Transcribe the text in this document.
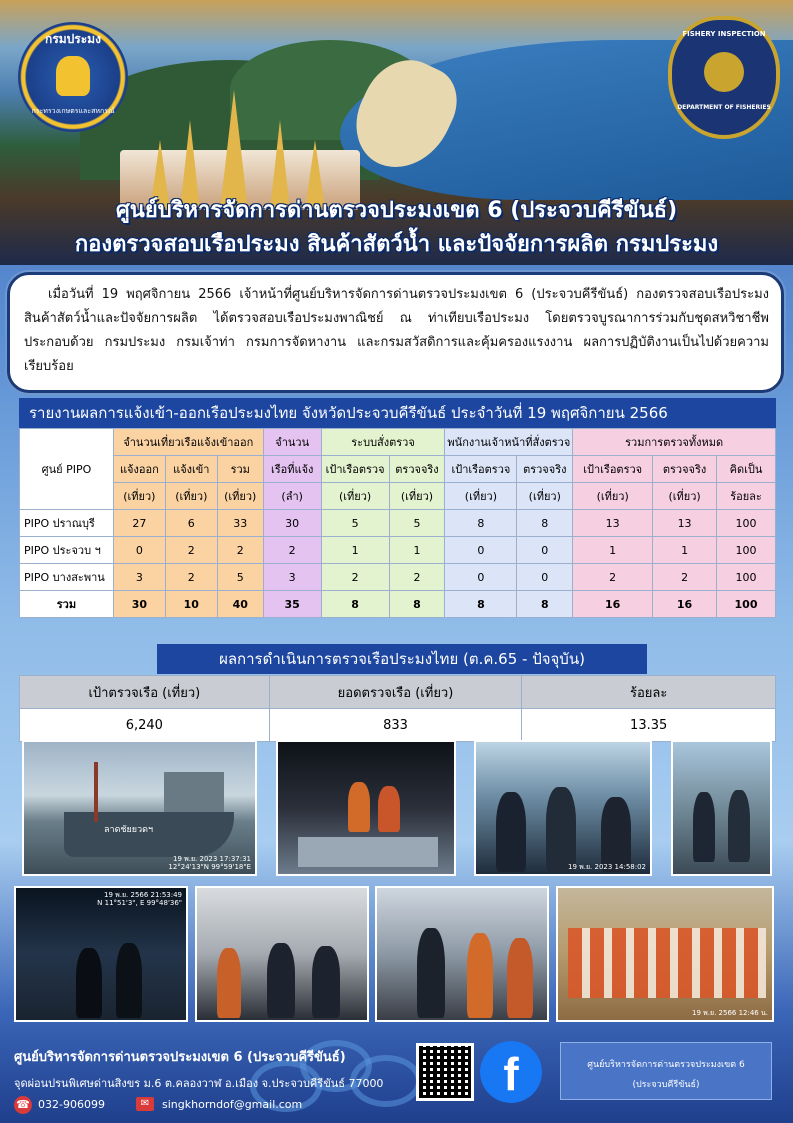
กรมประมง
กระทรวงเกษตรและสหกรณ์
FISHERY INSPECTION
DEPARTMENT OF FISHERIES
ศูนย์บริหารจัดการด่านตรวจประมงเขต 6 (ประจวบคีรีขันธ์)
กองตรวจสอบเรือประมง สินค้าสัตว์น้ำ และปัจจัยการผลิต กรมประมง
เมื่อวันที่ 19 พฤศจิกายน 2566 เจ้าหน้าที่ศูนย์บริหารจัดการด่านตรวจประมงเขต 6 (ประจวบคีรีขันธ์) กองตรวจสอบเรือประมง สินค้าสัตว์น้ำและปัจจัยการผลิต ได้ตรวจสอบเรือประมงพาณิชย์ ณ ท่าเทียบเรือประมง โดยตรวจบูรณาการร่วมกับชุดสหวิชาชีพ ประกอบด้วย กรมประมง กรมเจ้าท่า กรมการจัดหางาน และกรมสวัสดิการและคุ้มครองแรงงาน ผลการปฏิบัติงานเป็นไปด้วยความเรียบร้อย
รายงานผลการแจ้งเข้า-ออกเรือประมงไทย จังหวัดประจวบคีรีขันธ์ ประจำวันที่ 19 พฤศจิกายน 2566
ศูนย์ PIPO	จำนวนเที่ยวเรือแจ้งเข้าออก			จำนวน	ระบบสั่งตรวจ		พนักงานเจ้าหน้าที่สั่งตรวจ		รวมการตรวจทั้งหมด		
	แจ้งออก	แจ้งเข้า	รวม	เรือที่แจ้ง	เป้าเรือตรวจ	ตรวจจริง	เป้าเรือตรวจ	ตรวจจริง	เป้าเรือตรวจ	ตรวจจริง	คิดเป็น
	(เที่ยว)	(เที่ยว)	(เที่ยว)	(ลำ)	(เที่ยว)	(เที่ยว)	(เที่ยว)	(เที่ยว)	(เที่ยว)	(เที่ยว)	ร้อยละ
PIPO ปราณบุรี	27	6	33	30	5	5	8	8	13	13	100
PIPO ประจวบ ฯ	0	2	2	2	1	1	0	0	1	1	100
PIPO บางสะพาน	3	2	5	3	2	2	0	0	2	2	100
รวม	30	10	40	35	8	8	8	8	16	16	100
ผลการดำเนินการตรวจเรือประมงไทย (ต.ค.65 - ปัจจุบัน)
เป้าตรวจเรือ (เที่ยว)	ยอดตรวจเรือ (เที่ยว)	ร้อยละ
6,240	833	13.35
ลาดชัยยวดฯ
19 พ.ย. 2023 17:37:31
12°24'13"N 99°59'18"E	19 พ.ย. 2023 14:58:02
19 พ.ย. 2566 21:53:49
N 11°51'3", E 99°48'36"
19 พ.ย. 2566 12:46 น.
ศูนย์บริหารจัดการด่านตรวจประมงเขต 6 (ประจวบคีรีขันธ์)
จุดผ่อนปรนพิเศษด่านสิงขร ม.6 ต.คลองวาฬ อ.เมือง จ.ประจวบคีรีขันธ์ 77000
☎ 032-906099	✉	singkhorndof@gmail.com
f	ศูนย์บริหารจัดการด่านตรวจประมงเขต 6
(ประจวบคีรีขันธ์)
